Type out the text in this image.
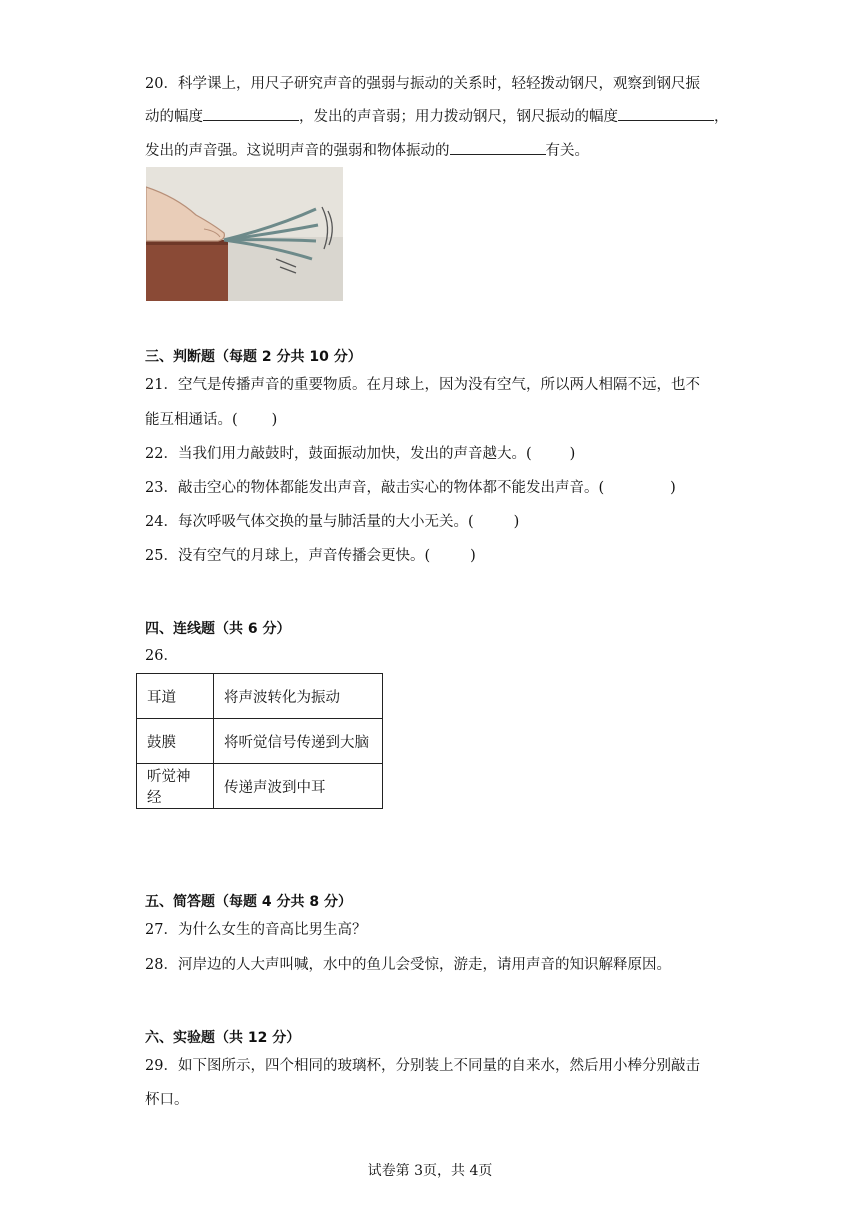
20．科学课上，用尺子研究声音的强弱与振动的关系时，轻轻拨动钢尺，观察到钢尺振
动的幅度	，发出的声音弱；用力拨动钢尺，钢尺振动的幅度	，
发出的声音强。这说明声音的强弱和物体振动的	有关。
三、判断题（每题 2 分共 10 分）
21．空气是传播声音的重要物质。在月球上，因为没有空气，所以两人相隔不远，也不
能互相通话。( )
22．当我们用力敲鼓时，鼓面振动加快，发出的声音越大。(	)
23．敲击空心的物体都能发出声音，敲击实心的物体都不能发出声音。(	)
24．每次呼吸气体交换的量与肺活量的大小无关。(	)
25．没有空气的月球上，声音传播会更快。(	)
四、连线题（共 6 分）
26．
耳道	将声波转化为振动
鼓膜	将听觉信号传递到大脑
听觉神经	传递声波到中耳
五、简答题（每题 4 分共 8 分）
27．为什么女生的音高比男生高？
28．河岸边的人大声叫喊，水中的鱼儿会受惊，游走，请用声音的知识解释原因。
六、实验题（共 12 分）
29．如下图所示，四个相同的玻璃杯，分别装上不同量的自来水，然后用小棒分别敲击
杯口。
试卷第 3页，共 4页
